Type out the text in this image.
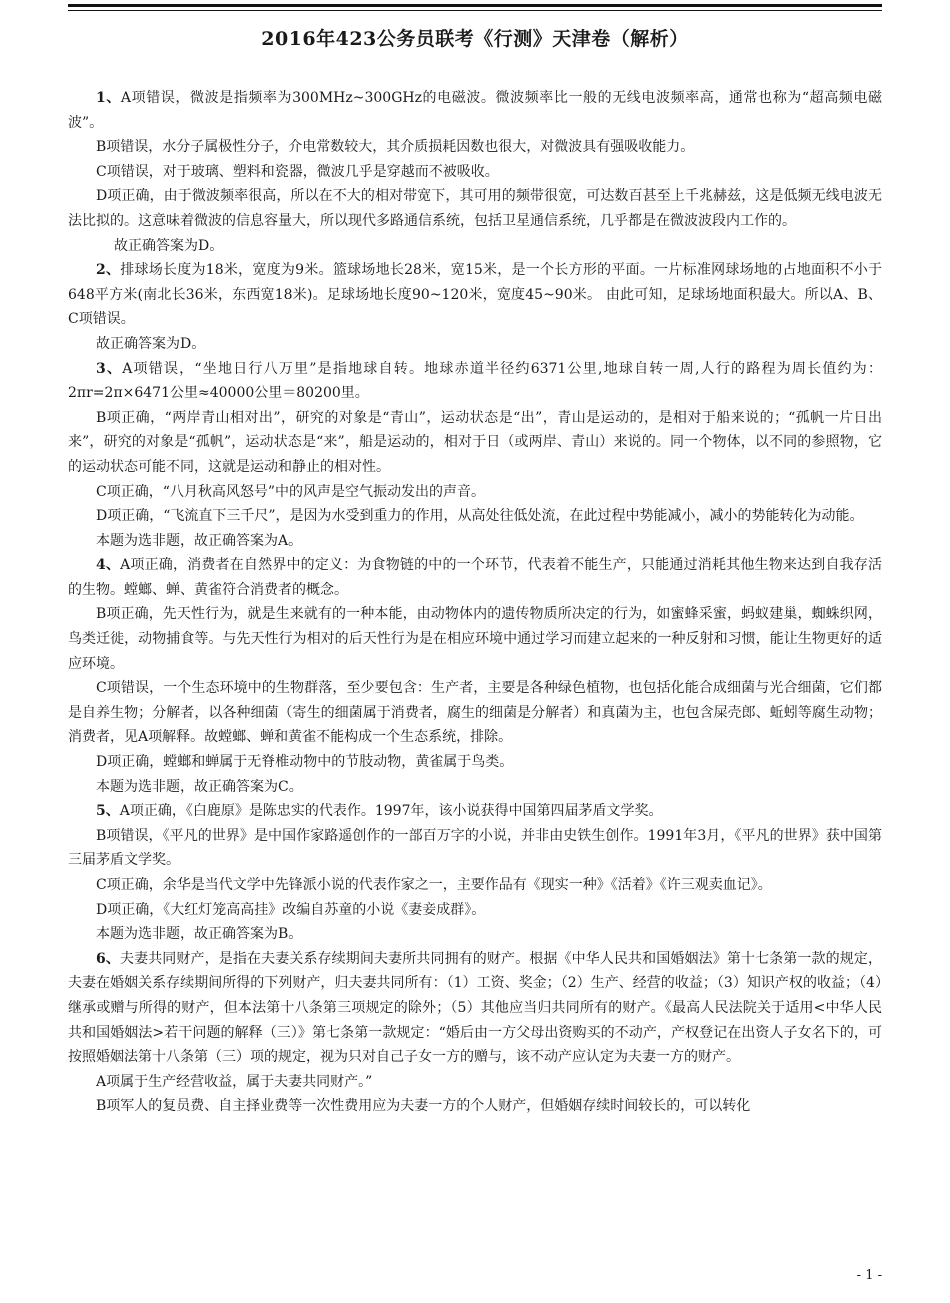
2016年423公务员联考《行测》天津卷（解析）

1、A项错误，微波是指频率为300MHz~300GHz的电磁波。微波频率比一般的无线电波频率高，通常也称为“超高频电磁波”。

B项错误，水分子属极性分子，介电常数较大，其介质损耗因数也很大，对微波具有强吸收能力。

C项错误，对于玻璃、塑料和瓷器，微波几乎是穿越而不被吸收。

D项正确，由于微波频率很高，所以在不大的相对带宽下，其可用的频带很宽，可达数百甚至上千兆赫兹，这是低频无线电波无法比拟的。这意味着微波的信息容量大，所以现代多路通信系统，包括卫星通信系统，几乎都是在微波波段内工作的。

故正确答案为D。

2、排球场长度为18米，宽度为9米。篮球场地长28米，宽15米，是一个长方形的平面。一片标准网球场地的占地面积不小于648平方米(南北长36米，东西宽18米)。足球场地长度90~120米，宽度45~90米。 由此可知，足球场地面积最大。所以A、B、C项错误。

故正确答案为D。

3、A项错误，“坐地日行八万里”是指地球自转。地球赤道半径约6371公里,地球自转一周,人行的路程为周长值约为：2πr=2π×6471公里≈40000公里＝80200里。

B项正确，“两岸青山相对出”，研究的对象是“青山”，运动状态是“出”，青山是运动的，是相对于船来说的；“孤帆一片日出来”，研究的对象是“孤帆”，运动状态是“来”，船是运动的，相对于日（或两岸、青山）来说的。同一个物体，以不同的参照物，它的运动状态可能不同，这就是运动和静止的相对性。

C项正确，“八月秋高风怒号”中的风声是空气振动发出的声音。

D项正确，“飞流直下三千尺”，是因为水受到重力的作用，从高处往低处流，在此过程中势能减小，减小的势能转化为动能。

本题为选非题，故正确答案为A。

4、A项正确，消费者在自然界中的定义：为食物链的中的一个环节，代表着不能生产，只能通过消耗其他生物来达到自我存活的生物。螳螂、蝉、黄雀符合消费者的概念。

B项正确，先天性行为，就是生来就有的一种本能，由动物体内的遗传物质所决定的行为，如蜜蜂采蜜，蚂蚁建巢，蜘蛛织网，鸟类迁徙，动物捕食等。与先天性行为相对的后天性行为是在相应环境中通过学习而建立起来的一种反射和习惯，能让生物更好的适应环境。

C项错误，一个生态环境中的生物群落，至少要包含：生产者，主要是各种绿色植物，也包括化能合成细菌与光合细菌，它们都是自养生物；分解者，以各种细菌（寄生的细菌属于消费者，腐生的细菌是分解者）和真菌为主，也包含屎壳郎、蚯蚓等腐生动物；消费者，见A项解释。故螳螂、蝉和黄雀不能构成一个生态系统，排除。

D项正确，螳螂和蝉属于无脊椎动物中的节肢动物，黄雀属于鸟类。

本题为选非题，故正确答案为C。

5、A项正确，《白鹿原》是陈忠实的代表作。1997年，该小说获得中国第四届茅盾文学奖。

B项错误，《平凡的世界》是中国作家路遥创作的一部百万字的小说，并非由史铁生创作。1991年3月，《平凡的世界》获中国第三届茅盾文学奖。

C项正确，余华是当代文学中先锋派小说的代表作家之一，主要作品有《现实一种》《活着》《许三观卖血记》。

D项正确，《大红灯笼高高挂》改编自苏童的小说《妻妾成群》。

本题为选非题，故正确答案为B。

6、夫妻共同财产，是指在夫妻关系存续期间夫妻所共同拥有的财产。根据《中华人民共和国婚姻法》第十七条第一款的规定，夫妻在婚姻关系存续期间所得的下列财产，归夫妻共同所有：（1）工资、奖金；（2）生产、经营的收益；（3）知识产权的收益；（4）继承或赠与所得的财产，但本法第十八条第三项规定的除外；（5）其他应当归共同所有的财产。《最高人民法院关于适用<中华人民共和国婚姻法>若干问题的解释（三）》第七条第一款规定：“婚后由一方父母出资购买的不动产，产权登记在出资人子女名下的，可按照婚姻法第十八条第（三）项的规定，视为只对自己子女一方的赠与，该不动产应认定为夫妻一方的财产。

A项属于生产经营收益，属于夫妻共同财产。”

B项军人的复员费、自主择业费等一次性费用应为夫妻一方的个人财产，但婚姻存续时间较长的，可以转化

- 1 -
